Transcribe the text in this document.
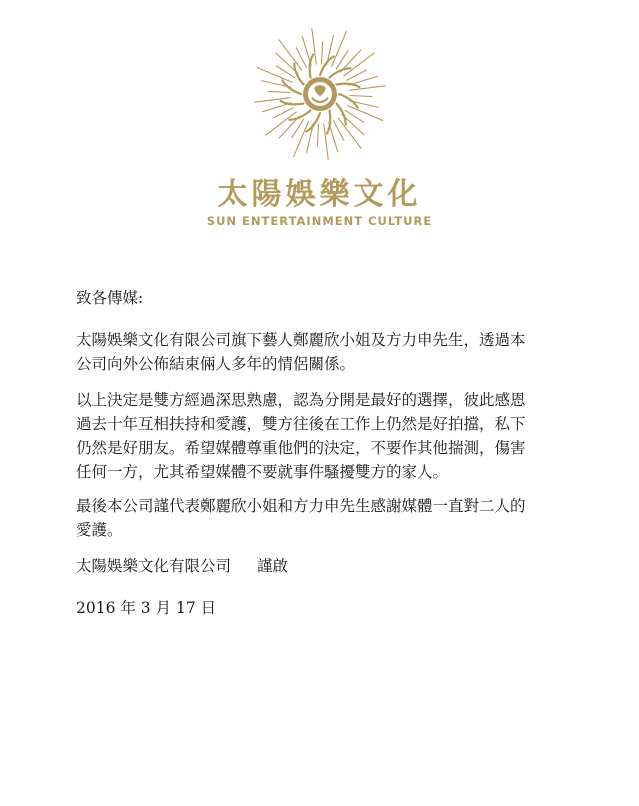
太陽娛樂文化
SUN ENTERTAINMENT CULTURE
致各傳媒:
太陽娛樂文化有限公司旗下藝人鄭麗欣小姐及方力申先生，透過本
公司向外公佈結束倆人多年的情侶關係。
以上決定是雙方經過深思熟慮，認為分開是最好的選擇，彼此感恩
過去十年互相扶持和愛護，雙方往後在工作上仍然是好拍擋，私下
仍然是好朋友。希望媒體尊重他們的決定，不要作其他揣測，傷害
任何一方，尤其希望媒體不要就事件騷擾雙方的家人。
最後本公司謹代表鄭麗欣小姐和方力申先生感謝媒體一直對二人的
愛護。
太陽娛樂文化有限公司 謹啟
2016 年 3 月 17 日
